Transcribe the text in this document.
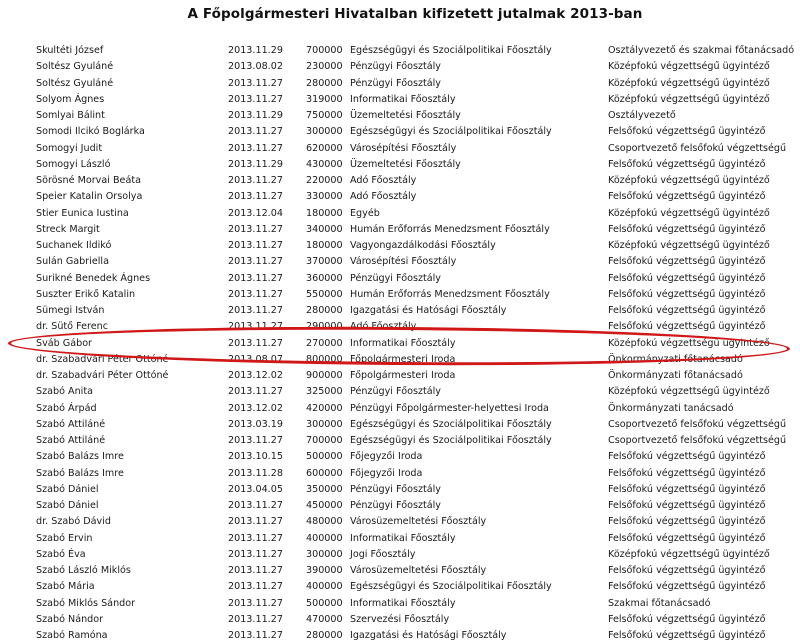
A Főpolgármesteri Hivatalban kifizetett jutalmak 2013-ban
Skultéti József	2013.11.29 700000 Egészségügyi és Szociálpolitikai Főosztály	Osztályvezető és szakmai főtanácsadó
Soltész Gyuláné	2013.08.02 230000 Pénzügyi Főosztály	Középfokú végzettségű ügyintéző
Soltész Gyuláné	2013.11.27 280000 Pénzügyi Főosztály	Középfokú végzettségű ügyintéző
Solyom Ágnes	2013.11.27 319000 Informatikai Főosztály	Középfokú végzettségű ügyintéző
Somlyai Bálint	2013.11.29 750000 Üzemeltetési Főosztály	Osztályvezető
Somodi Ilcikó Boglárka	2013.11.27 300000 Egészségügyi és Szociálpolitikai Főosztály	Felsőfokú végzettségű ügyintéző
Somogyi Judit	2013.11.27 620000 Városépítési Főosztály	Csoportvezető felsőfokú végzettségű
Somogyi László	2013.11.29 430000 Üzemeltetési Főosztály	Felsőfokú végzettségű ügyintéző
Sörösné Morvai Beáta	2013.11.27 220000 Adó Főosztály	Középfokú végzettségű ügyintéző
Speier Katalin Orsolya	2013.11.27 330000 Adó Főosztály	Felsőfokú végzettségű ügyintéző
Stier Eunica Iustina	2013.12.04 180000 Egyéb	Középfokú végzettségű ügyintéző
Streck Margit	2013.11.27 340000 Humán Erőforrás Menedzsment Főosztály	Felsőfokú végzettségű ügyintéző
Suchanek Ildikó	2013.11.27 180000 Vagyongazdálkodási Főosztály	Középfokú végzettségű ügyintéző
Sulán Gabriella	2013.11.27 370000 Városépítési Főosztály	Felsőfokú végzettségű ügyintéző
Surikné Benedek Ágnes	2013.11.27 360000 Pénzügyi Főosztály	Felsőfokú végzettségű ügyintéző
Suszter Erikő Katalin	2013.11.27 550000 Humán Erőforrás Menedzsment Főosztály	Felsőfokú végzettségű ügyintéző
Sümegi István	2013.11.27 280000 Igazgatási és Hatósági Főosztály	Felsőfokú végzettségű ügyintéző
dr. Sütő Ferenc	2013.11.27 290000 Adó Főosztály	Felsőfokú végzettségű ügyintéző
Sváb Gábor	2013.11.27 270000 Informatikai Főosztály	Középfokú végzettségű ügyintéző
dr. Szabadvári Péter Ottóné	2013.08.07 800000 Főpolgármesteri Iroda	Önkormányzati főtanácsadó
dr. Szabadvári Péter Ottóné	2013.12.02 900000 Főpolgármesteri Iroda	Önkormányzati főtanácsadó
Szabó Anita	2013.11.27 325000 Pénzügyi Főosztály	Középfokú végzettségű ügyintéző
Szabó Árpád	2013.12.02 420000 Pénzügyi Főpolgármester-helyettesi Iroda	Önkormányzati tanácsadó
Szabó Attiláné	2013.03.19 300000 Egészségügyi és Szociálpolitikai Főosztály	Csoportvezető felsőfokú végzettségű
Szabó Attiláné	2013.11.27 700000 Egészségügyi és Szociálpolitikai Főosztály	Csoportvezető felsőfokú végzettségű
Szabó Balázs Imre	2013.10.15 500000 Főjegyzői Iroda	Felsőfokú végzettségű ügyintéző
Szabó Balázs Imre	2013.11.28 600000 Főjegyzői Iroda	Felsőfokú végzettségű ügyintéző
Szabó Dániel	2013.04.05 350000 Pénzügyi Főosztály	Felsőfokú végzettségű ügyintéző
Szabó Dániel	2013.11.27 450000 Pénzügyi Főosztály	Felsőfokú végzettségű ügyintéző
dr. Szabó Dávid	2013.11.27 480000 Városüzemeltetési Főosztály	Felsőfokú végzettségű ügyintéző
Szabó Ervin	2013.11.27 400000 Informatikai Főosztály	Felsőfokú végzettségű ügyintéző
Szabó Éva	2013.11.27 300000 Jogi Főosztály	Középfokú végzettségű ügyintéző
Szabó László Miklós	2013.11.27 390000 Városüzemeltetési Főosztály	Felsőfokú végzettségű ügyintéző
Szabó Mária	2013.11.27 400000 Egészségügyi és Szociálpolitikai Főosztály	Felsőfokú végzettségű ügyintéző
Szabó Miklós Sándor	2013.11.27 500000 Informatikai Főosztály	Szakmai főtanácsadó
Szabó Nándor	2013.11.27 470000 Szervezési Főosztály	Felsőfokú végzettségű ügyintéző
Szabó Ramóna	2013.11.27 280000 Igazgatási és Hatósági Főosztály	Felsőfokú végzettségű ügyintéző
